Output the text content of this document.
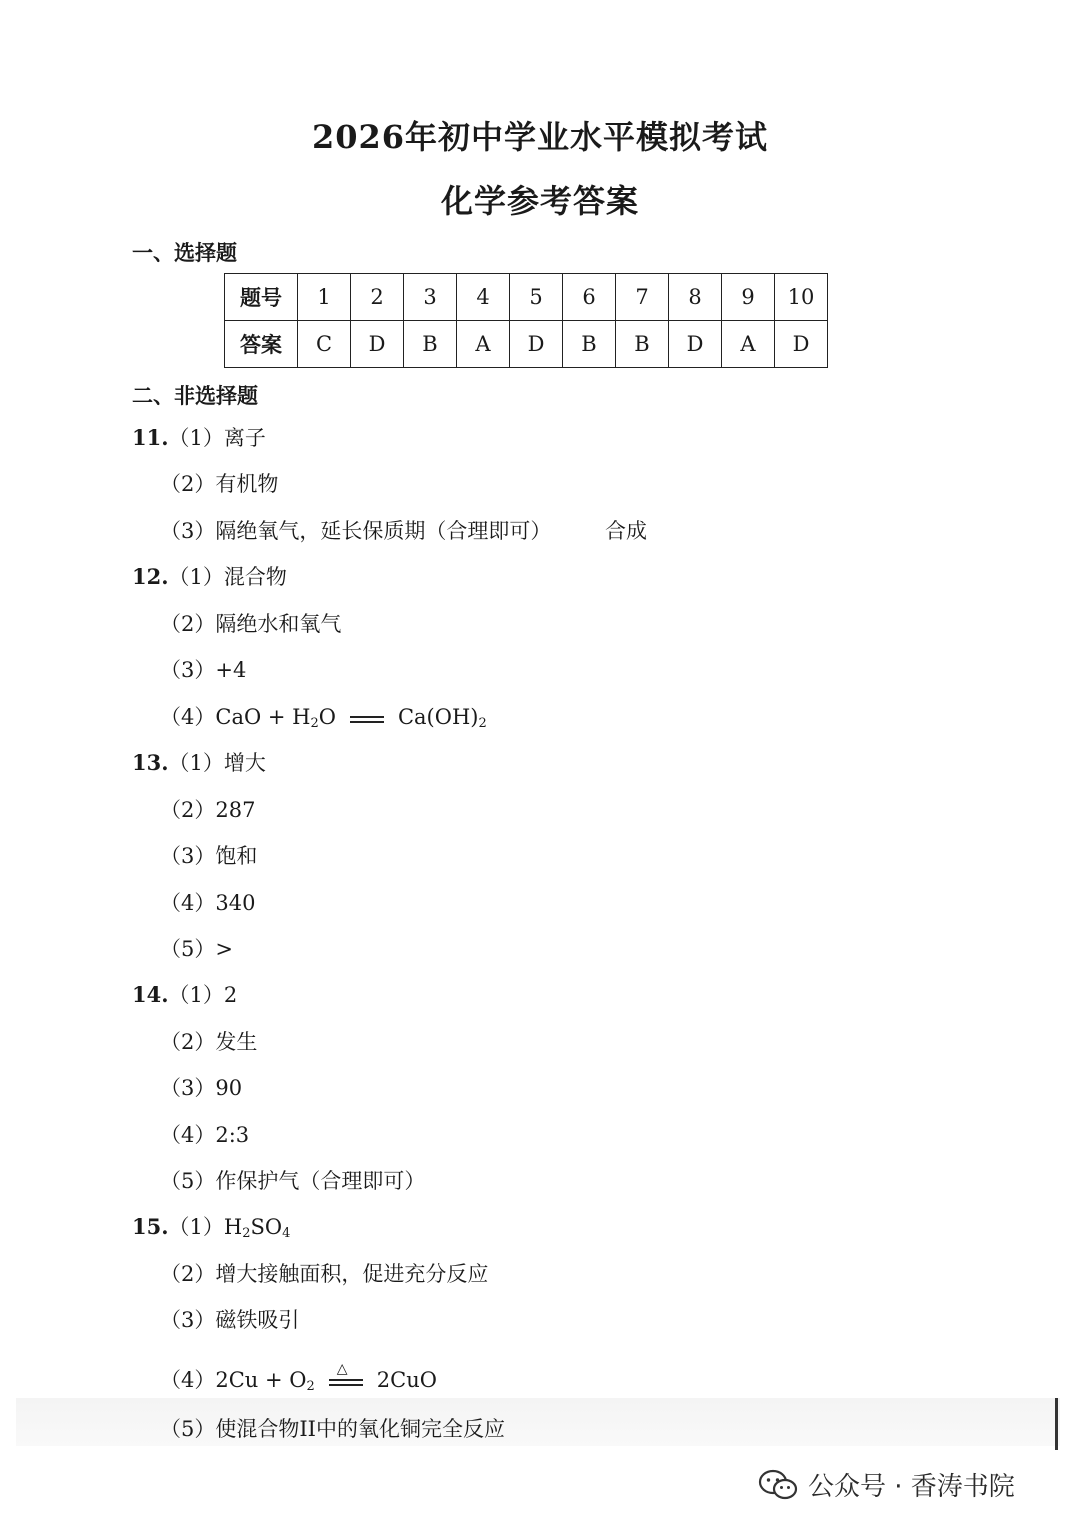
2026年初中学业水平模拟考试
化学参考答案
一、选择题
题号	1	2	3	4	5	6	7	8	9	10
答案	C	D	B	A	D	B	B	D	A	D
二、非选择题
11.（1）离子
（2）有机物
（3）隔绝氧气，延长保质期（合理即可）	合成
12.（1）混合物
（2）隔绝水和氧气
（3）+4
$(4)CaO + H_2O$	$Ca(OH)_2$
13.（1）增大
（2）287
（3）饱和
（4）340
（5）>
14.（1）2
（2）发生
（3）90
（4）2:3
（5）作保护气（合理即可）
$15.(1)H_2SO_4$
（2）增大接触面积，促进充分反应
（3）磁铁吸引
$(4)2Cu + O_2$
△ 2CuO
（5）使混合物II中的氧化铜完全反应
公众号 · 香涛书院
